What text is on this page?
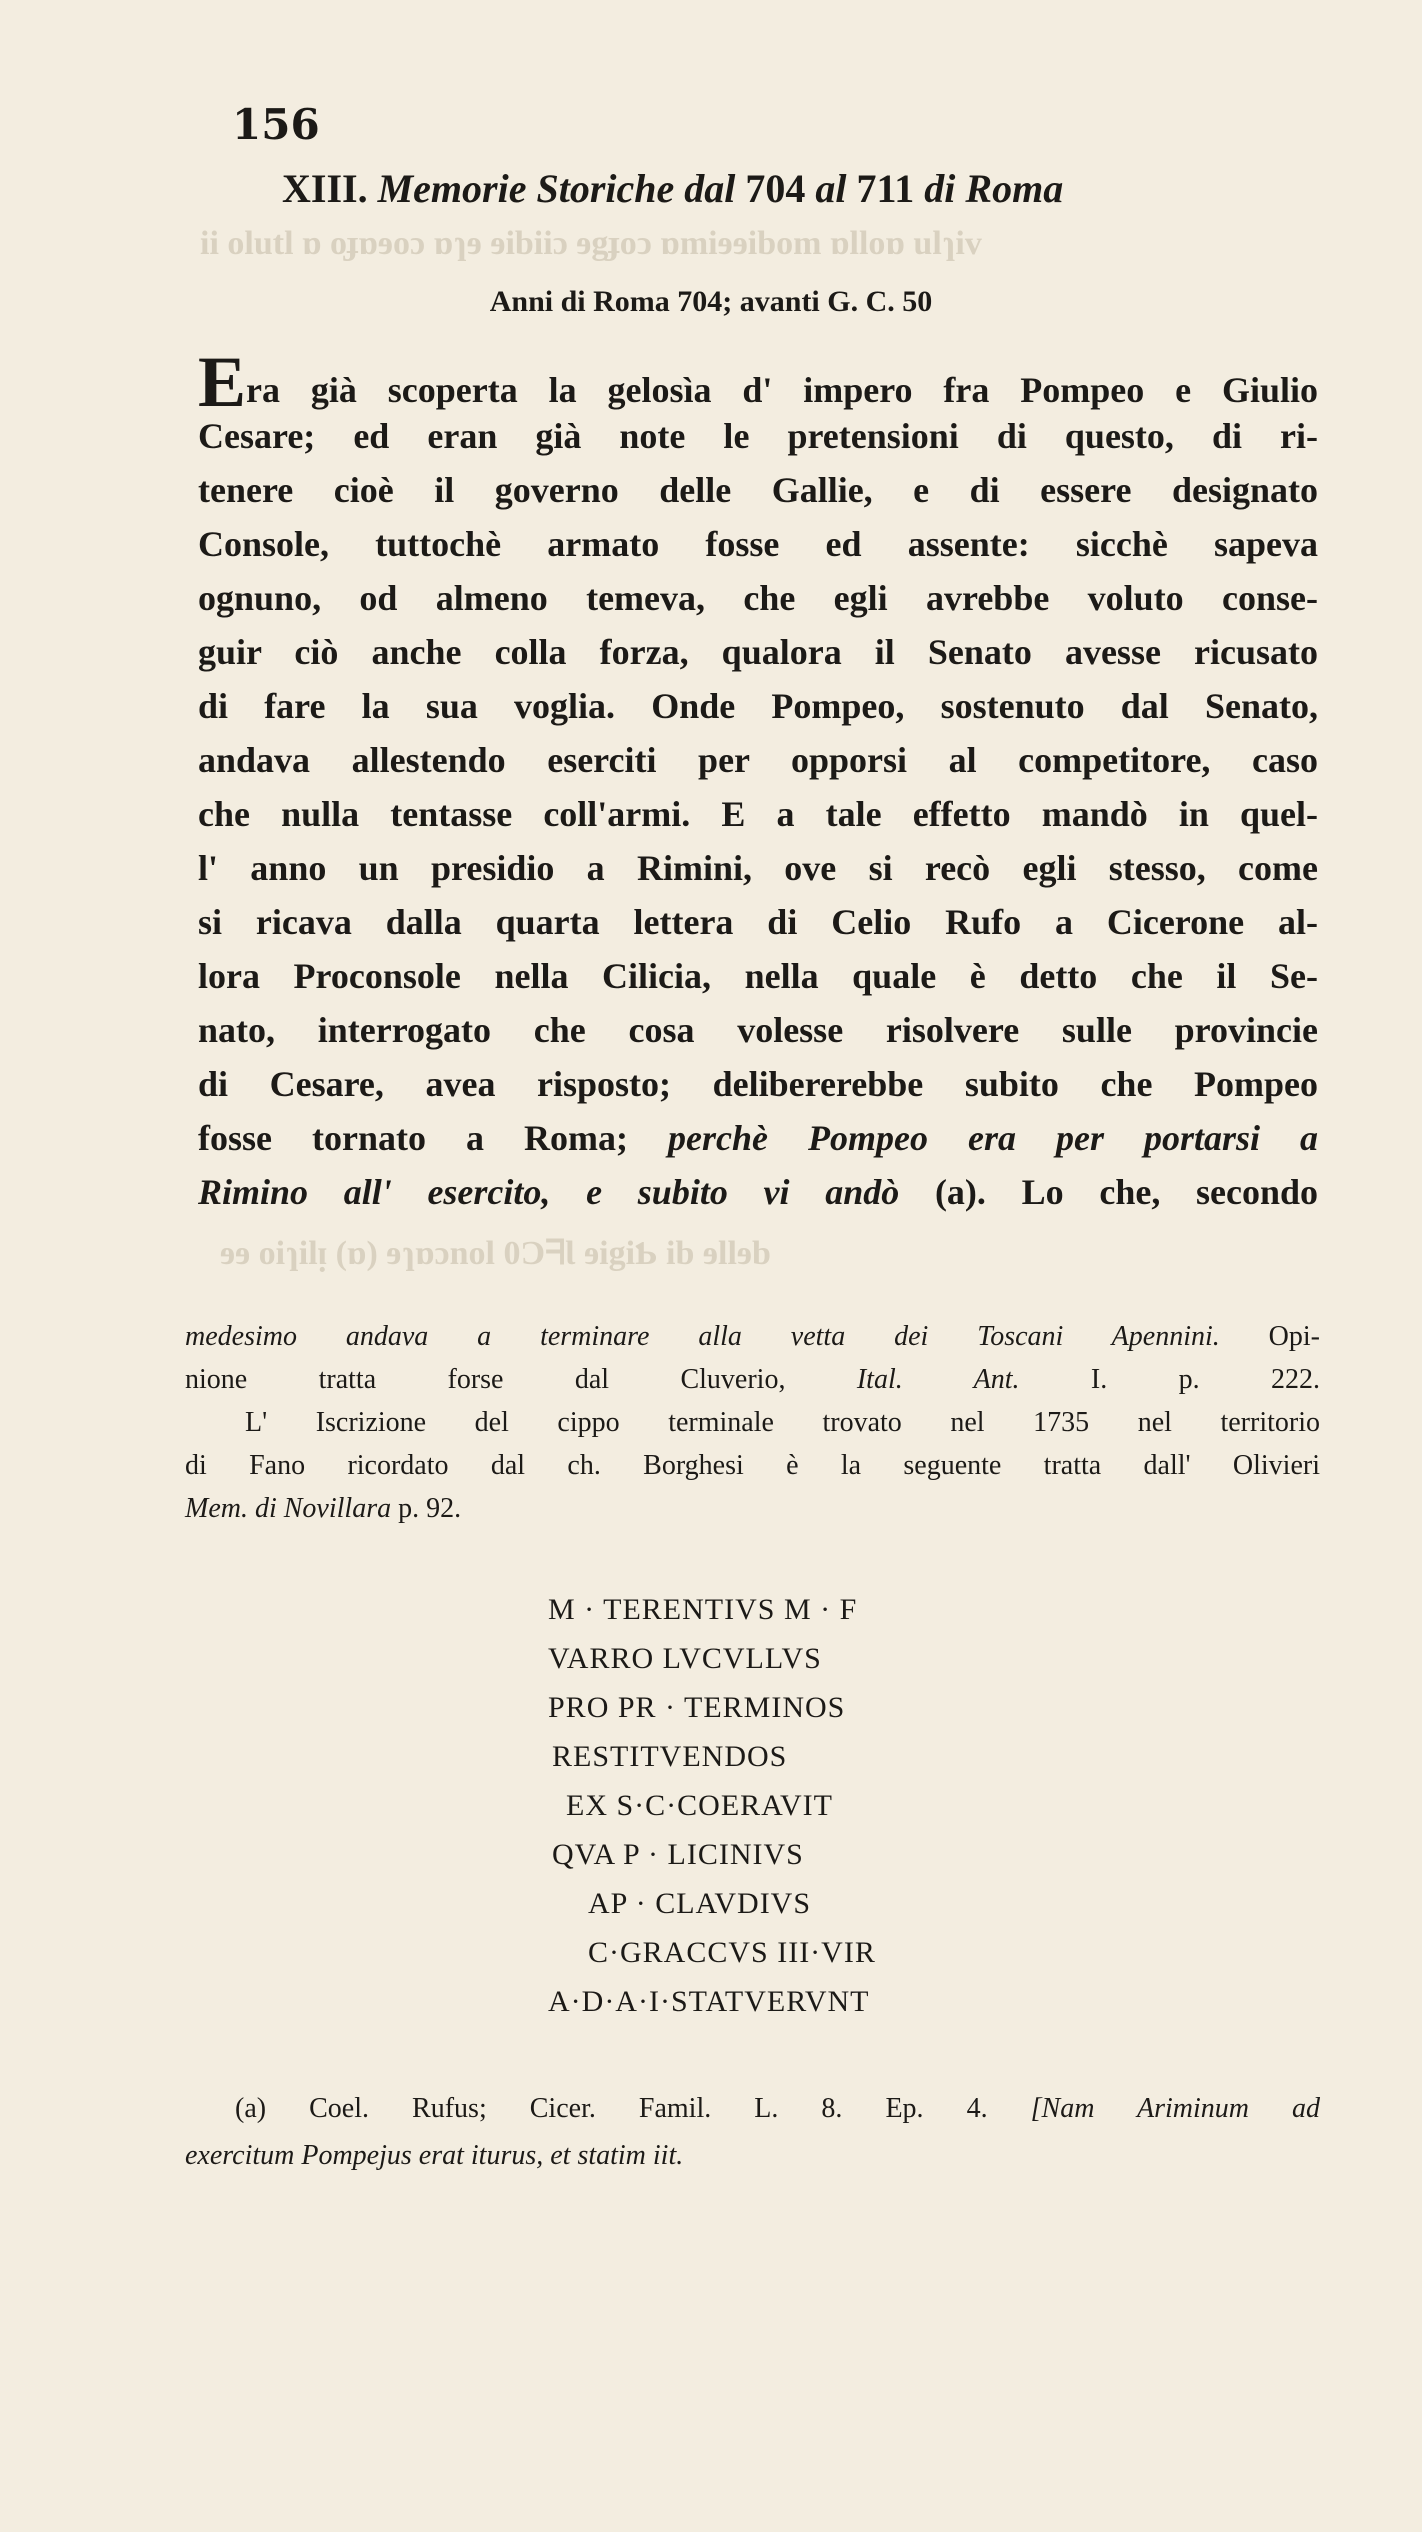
ii olutl ɒ oɟɒɘoɔ ɒɿɘ ɘibiiɔ ɘgɟoↄ ɒmiɘɘibom ɒlloɒ ulɿiv
ɘɘ oiɿilᴉ (ɒ) ɘɿɒɔnol 0ƆᖷƖ ɘigiƄ ib ɘllɘb
156
XIII. Memorie Storiche dal 704 al 711 di Roma
Anni di Roma 704; avanti G. C. 50
Era già scoperta la gelosìa d' impero fra Pompeo e Giulio
Cesare; ed eran già note le pretensioni di questo, di ri-
tenere cioè il governo delle Gallie, e di essere designato
Console, tuttochè armato fosse ed assente: sicchè sapeva
ognuno, od almeno temeva, che egli avrebbe voluto conse-
guir ciò anche colla forza, qualora il Senato avesse ricusato
di fare la sua voglia. Onde Pompeo, sostenuto dal Senato,
andava allestendo eserciti per opporsi al competitore, caso
che nulla tentasse coll'armi. E a tale effetto mandò in quel-
l' anno un presidio a Rimini, ove si recò egli stesso, come
si ricava dalla quarta lettera di Celio Rufo a Cicerone al-
lora Proconsole nella Cilicia, nella quale è detto che il Se-
nato, interrogato che cosa volesse risolvere sulle provincie
di Cesare, avea risposto; delibererebbe subito che Pompeo
fosse tornato a Roma; perchè Pompeo era per portarsi a
Rimino all' esercito, e subito vi andò (a). Lo che, secondo
medesimo andava a terminare alla vetta dei Toscani Apennini. Opi-
nione tratta forse dal Cluverio,	Ital. Ant.	I. p. 222.
L' Iscrizione del cippo terminale trovato nel 1735 nel territorio
di Fano ricordato dal ch. Borghesi è la seguente tratta dall' Olivieri
Mem. di Novillara p. 92.
M · TERENTIVS M · F
VARRO LVCVLLVS
PRO PR · TERMINOS
RESTITVENDOS
EX S·C·COERAVIT
QVA P · LICINIVS
AP · CLAVDIVS
C·GRACCVS III·VIR
A·D·A·I·STATVERVNT
(a) Coel. Rufus; Cicer. Famil. L. 8. Ep. 4. [Nam Ariminum ad
exercitum Pompejus erat iturus, et statim iit.
